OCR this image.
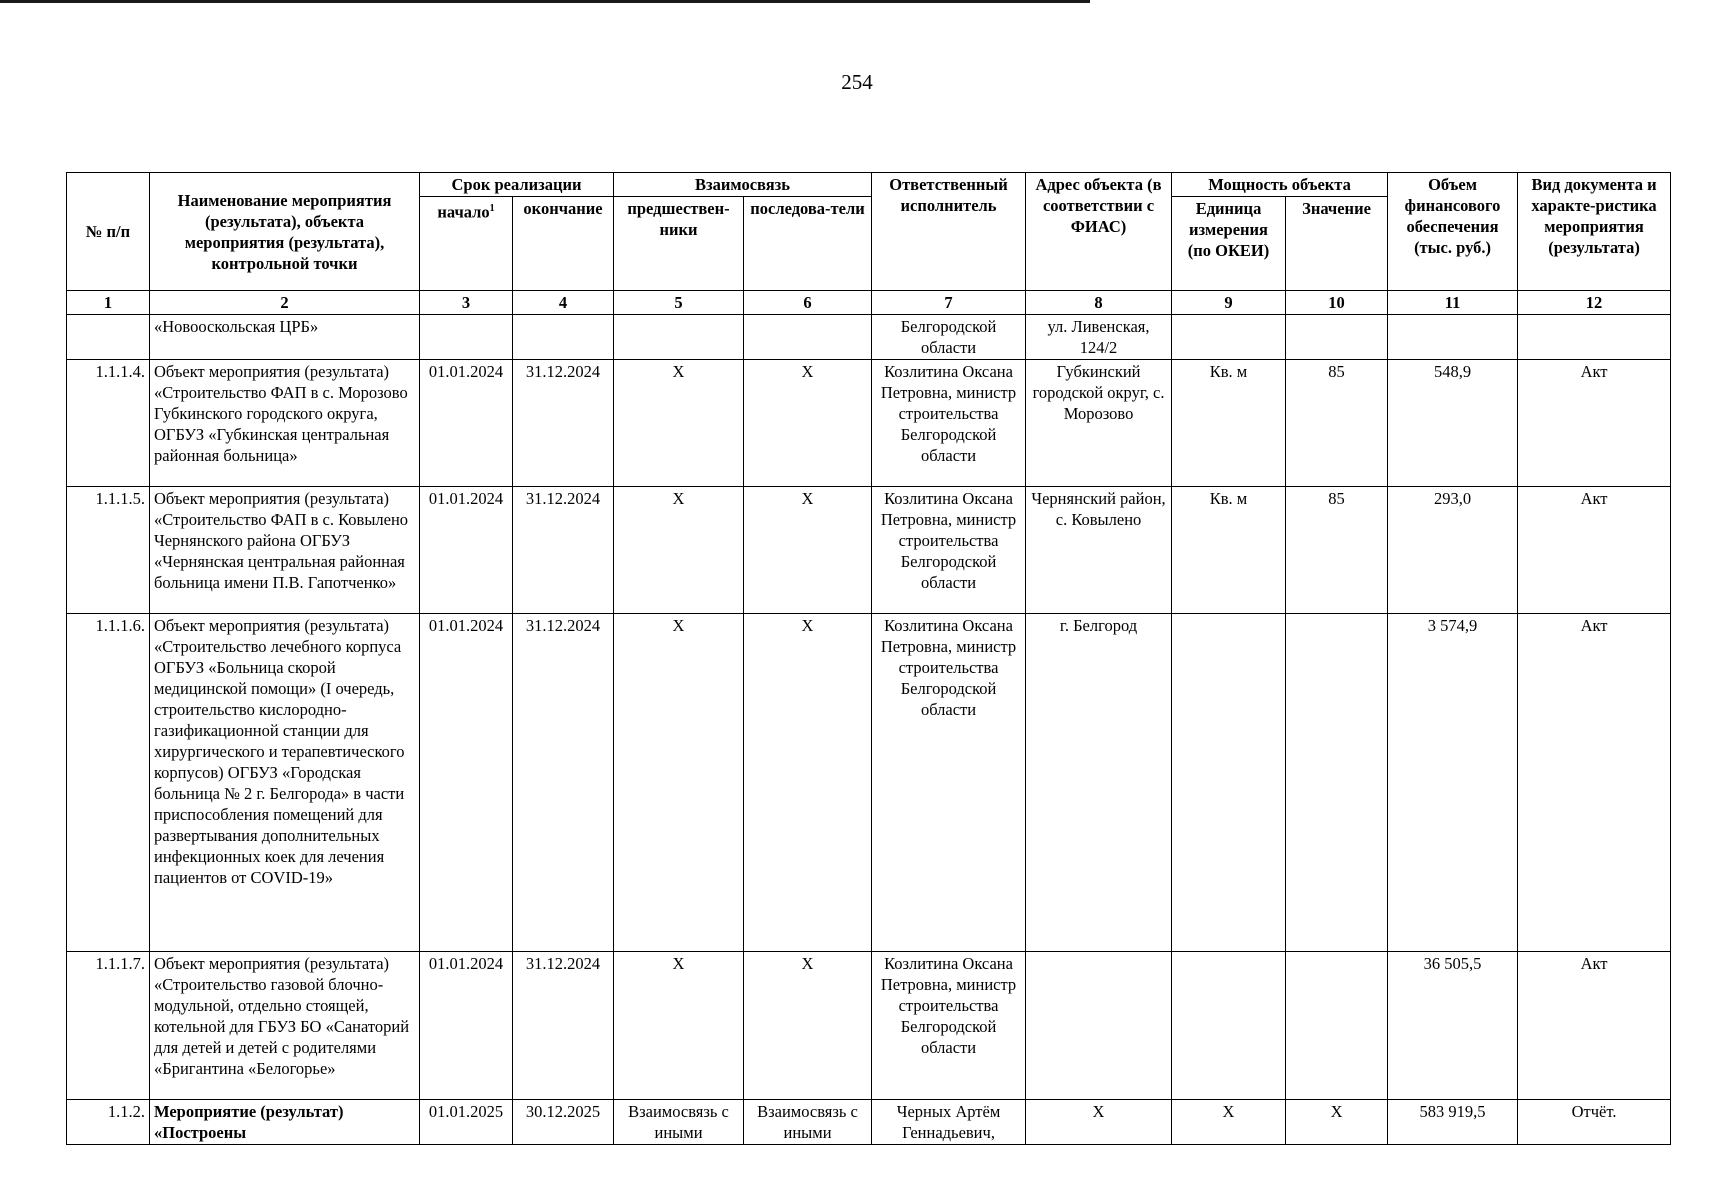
254
№ п/п	Наименование мероприятия (результата), объекта мероприятия (результата), контрольной точки	Срок реализации		Взаимосвязь		Ответственный исполнитель	Адрес объекта (в соответствии с ФИАС)	Мощность объекта		Объем финансового обеспечения (тыс. руб.)	Вид документа и характе-ристика мероприятия (результата)
		начало$^1$	окончание	предшествен-ники	последова-тели			Единица измерения (по ОКЕИ)	Значение		
1	2	3	4	5	6	7	8	9	10	11	12
	«Новооскольская ЦРБ»					Белгородской области	ул. Ливенская, 124/2				
1.1.1.4.	Объект мероприятия (результата) «Строительство ФАП в с. Морозово Губкинского городского округа, ОГБУЗ «Губкинская центральная районная больница»	01.01.2024	31.12.2024	Х	Х	Козлитина Оксана Петровна, министр строительства Белгородской области	Губкинский городской округ, с. Морозово	Кв. м	85	548,9	Акт
1.1.1.5.	Объект мероприятия (результата) «Строительство ФАП в с. Ковылено Чернянского района ОГБУЗ «Чернянская центральная районная больница имени П.В. Гапотченко»	01.01.2024	31.12.2024	Х	Х	Козлитина Оксана Петровна, министр строительства Белгородской области	Чернянский район, с. Ковылено	Кв. м	85	293,0	Акт
1.1.1.6.	Объект мероприятия (результата) «Строительство лечебного корпуса ОГБУЗ «Больница скорой медицинской помощи» (I очередь, строительство кислородно-газификационной станции для хирургического и терапевтического корпусов) ОГБУЗ «Городская больница № 2 г. Белгорода» в части приспособления помещений для развертывания дополнительных инфекционных коек для лечения пациентов от COVID-19»	01.01.2024	31.12.2024	Х	Х	Козлитина Оксана Петровна, министр строительства Белгородской области	г. Белгород			3 574,9	Акт
1.1.1.7.	Объект мероприятия (результата) «Строительство газовой блочно-модульной, отдельно стоящей, котельной для ГБУЗ БО «Санаторий для детей и детей с родителями «Бригантина «Белогорье»	01.01.2024	31.12.2024	Х	Х	Козлитина Оксана Петровна, министр строительства Белгородской области				36 505,5	Акт
1.1.2.	Мероприятие (результат) «Построены	01.01.2025	30.12.2025	Взаимосвязь с иными	Взаимосвязь с иными	Черных Артём Геннадьевич,	Х	Х	Х	583 919,5	Отчёт.
